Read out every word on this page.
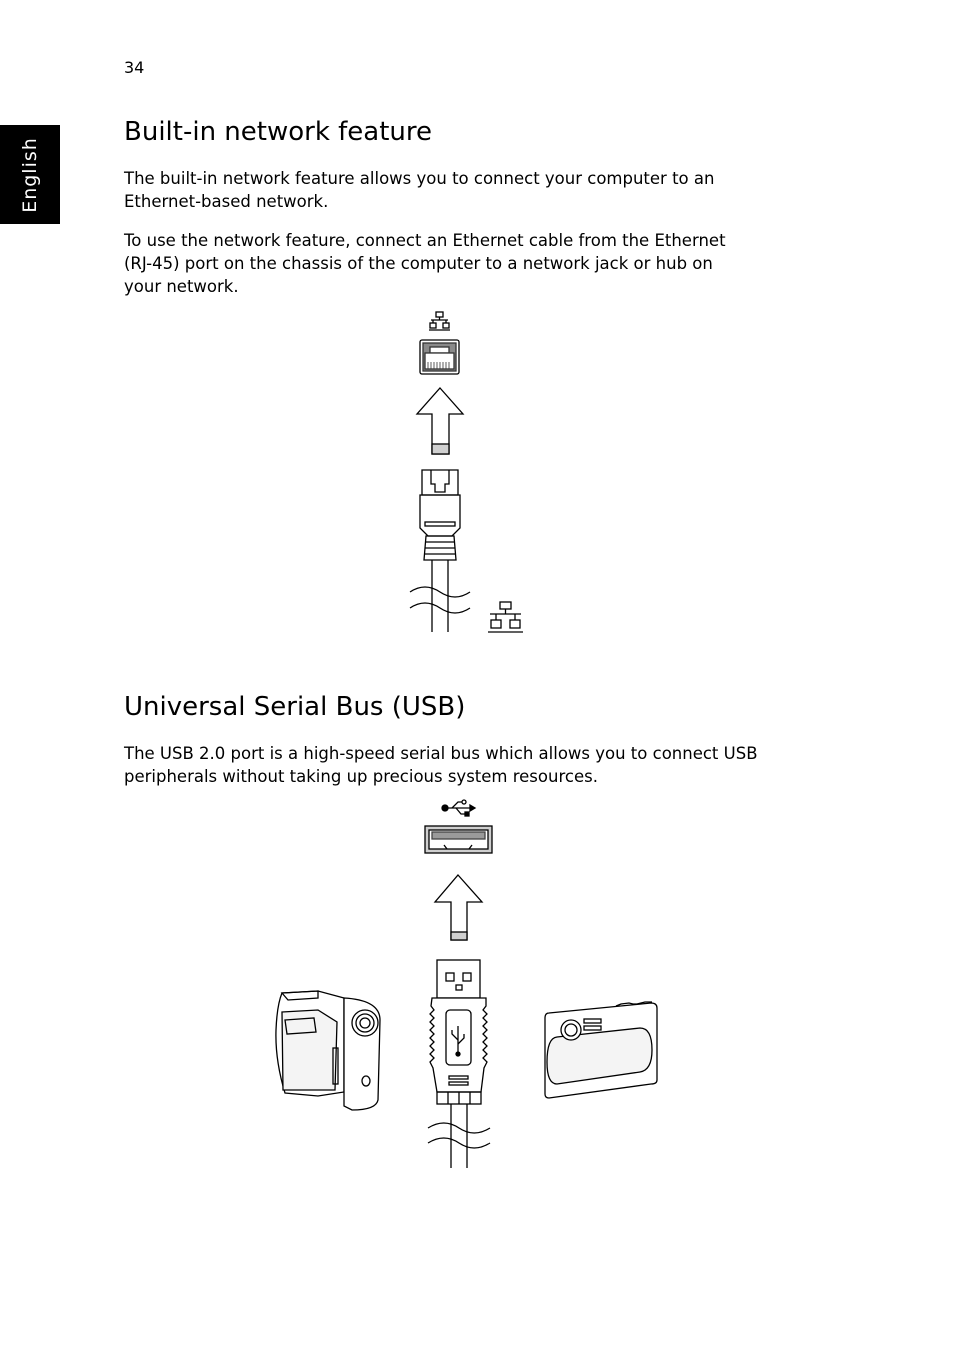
34
English
Built-in network feature
The built-in network feature allows you to connect your computer to an
Ethernet-based network.
To use the network feature, connect an Ethernet cable from the Ethernet
(RJ-45) port on the chassis of the computer to a network jack or hub on
your network.
Universal Serial Bus (USB)
The USB 2.0 port is a high-speed serial bus which allows you to connect USB
peripherals without taking up precious system resources.
